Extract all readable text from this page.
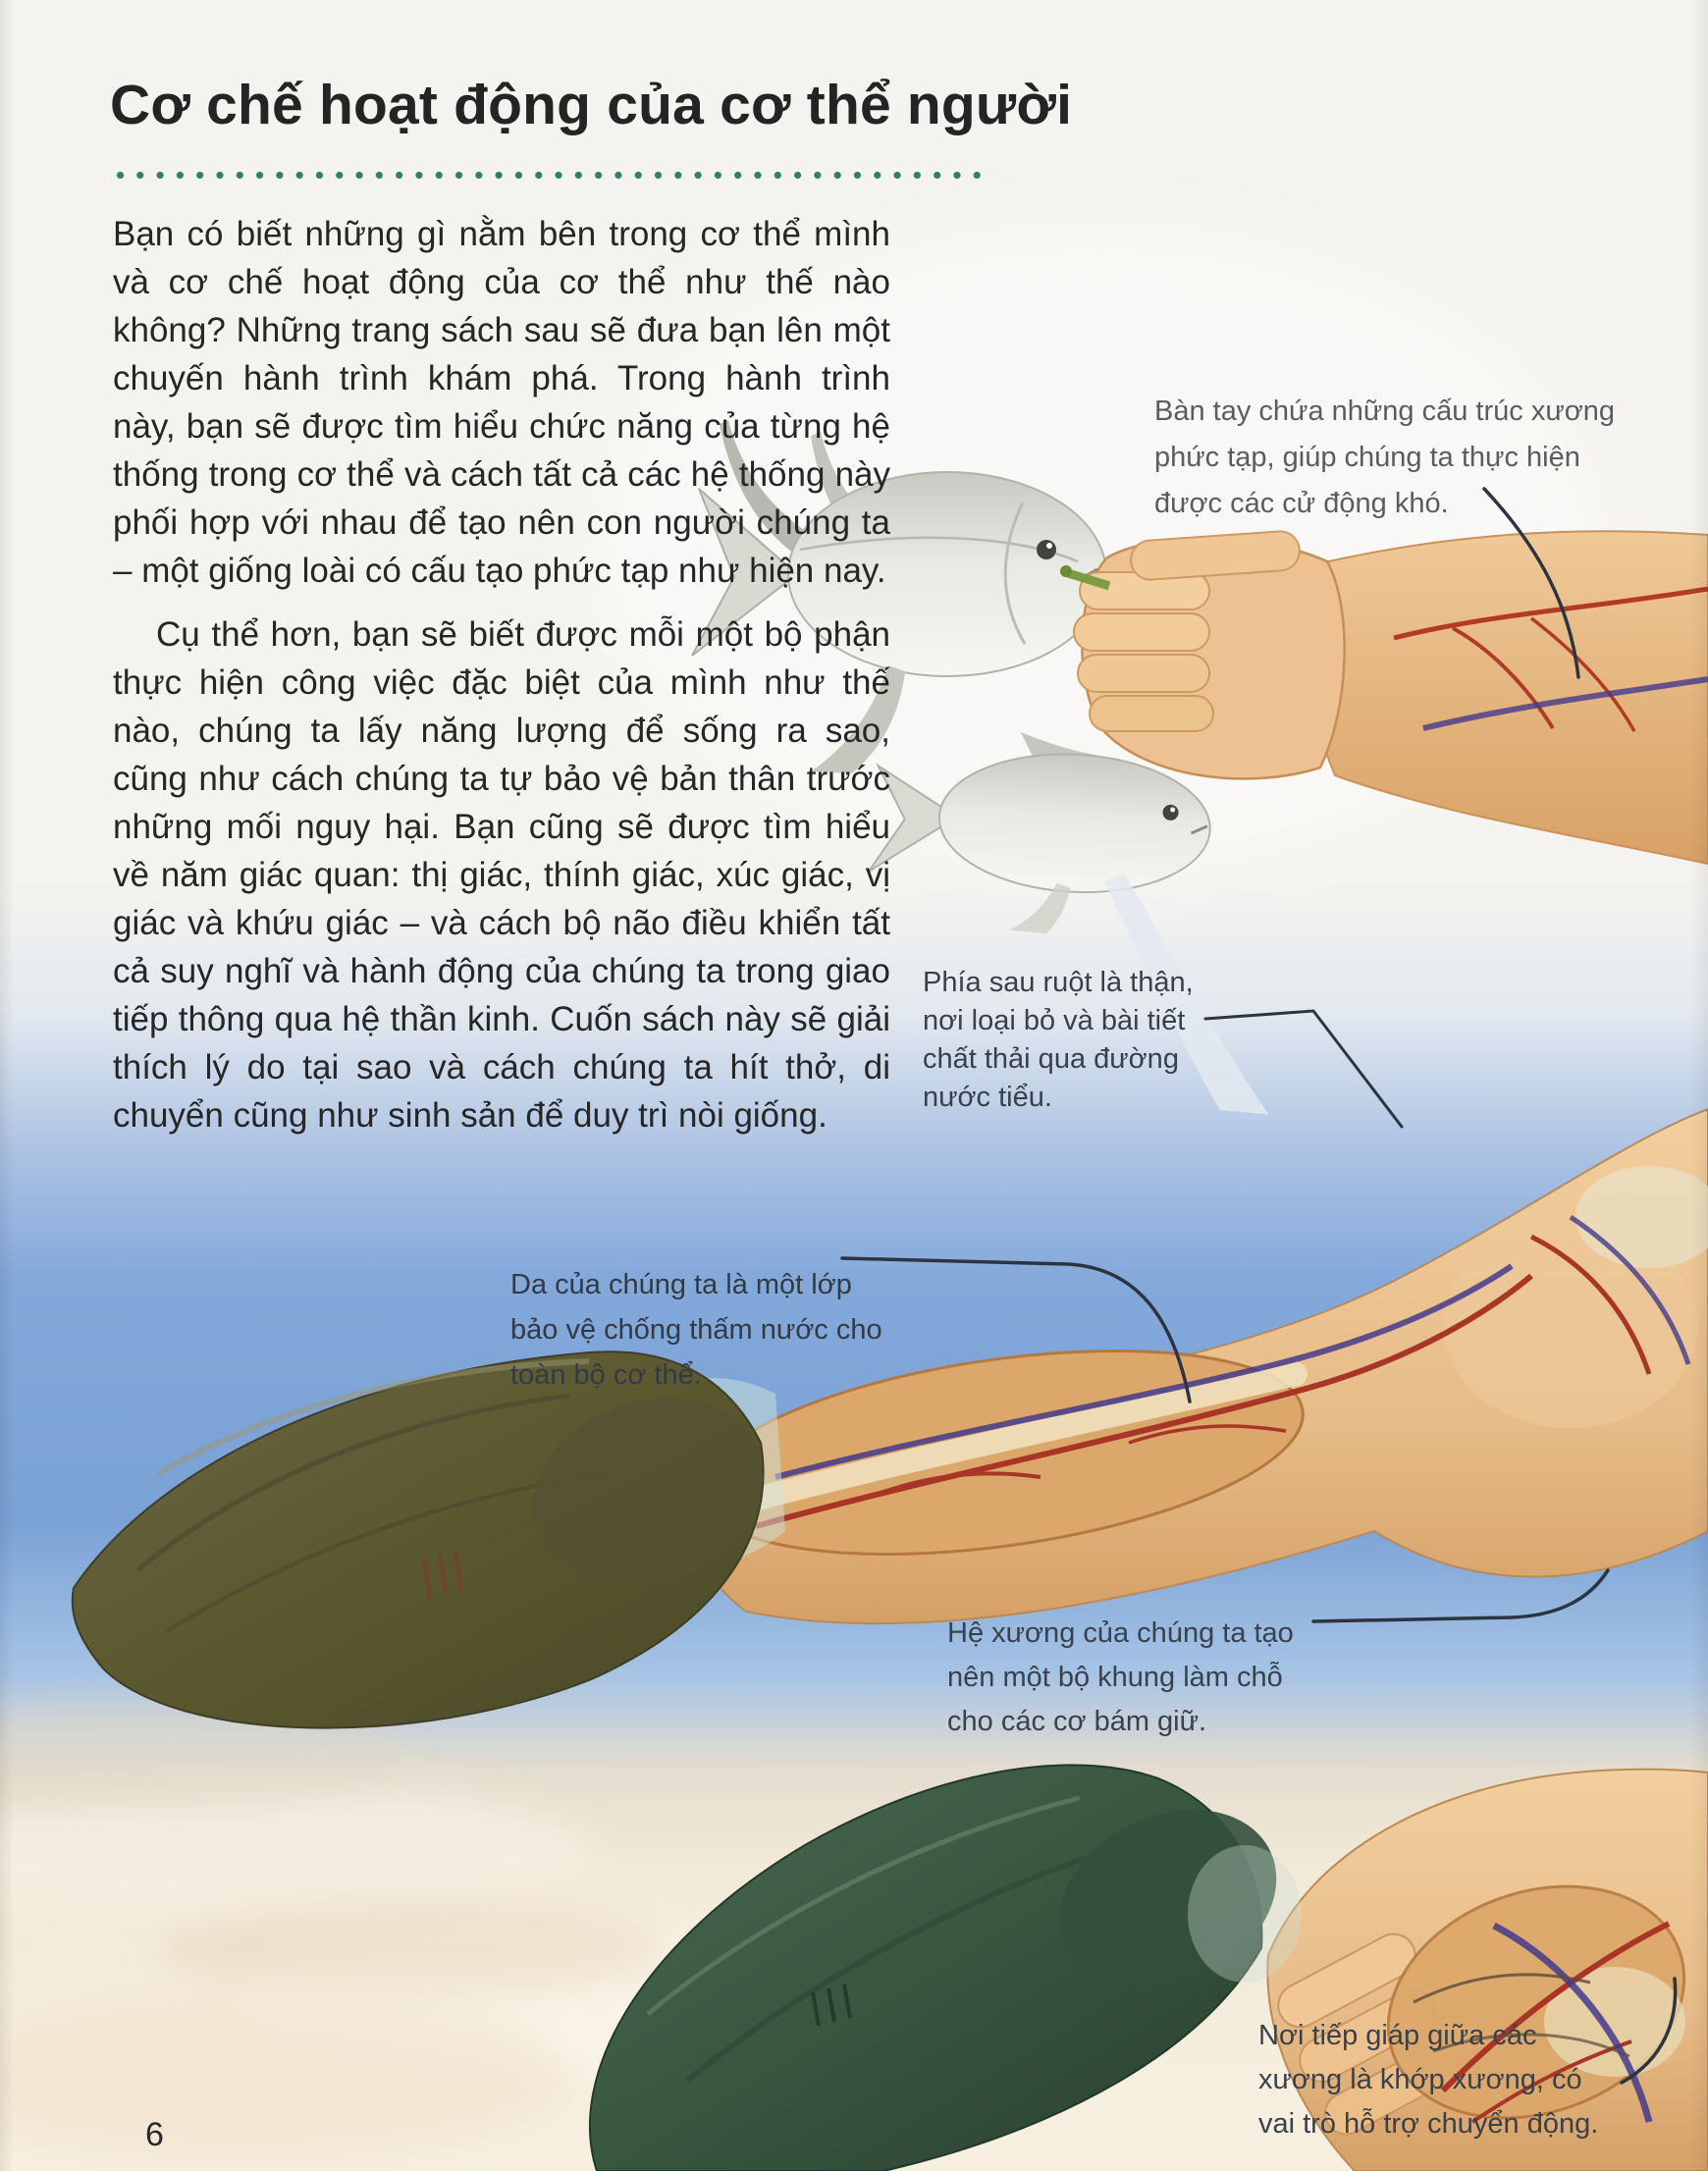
Cơ chế hoạt động của cơ thể người

Bạn có biết những gì nằm bên trong cơ thể mình và cơ chế hoạt động của cơ thể như thế nào không? Những trang sách sau sẽ đưa bạn lên một chuyến hành trình khám phá. Trong hành trình này, bạn sẽ được tìm hiểu chức năng của từng hệ thống trong cơ thể và cách tất cả các hệ thống này phối hợp với nhau để tạo nên con người chúng ta – một giống loài có cấu tạo phức tạp như hiện nay.

Cụ thể hơn, bạn sẽ biết được mỗi một bộ phận thực hiện công việc đặc biệt của mình như thế nào, chúng ta lấy năng lượng để sống ra sao, cũng như cách chúng ta tự bảo vệ bản thân trước những mối nguy hại. Bạn cũng sẽ được tìm hiểu về năm giác quan: thị giác, thính giác, xúc giác, vị giác và khứu giác – và cách bộ não điều khiển tất cả suy nghĩ và hành động của chúng ta trong giao tiếp thông qua hệ thần kinh. Cuốn sách này sẽ giải thích lý do tại sao và cách chúng ta hít thở, di chuyển cũng như sinh sản để duy trì nòi giống.

Bàn tay chứa những cấu trúc xương
phức tạp, giúp chúng ta thực hiện
được các cử động khó.
Phía sau ruột là thận,
nơi loại bỏ và bài tiết
chất thải qua đường
nước tiểu.
Da của chúng ta là một lớp
bảo vệ chống thấm nước cho
toàn bộ cơ thể.
Hệ xương của chúng ta tạo
nên một bộ khung làm chỗ
cho các cơ bám giữ.
Nơi tiếp giáp giữa các
xương là khớp xương, có
vai trò hỗ trợ chuyển động.
6
